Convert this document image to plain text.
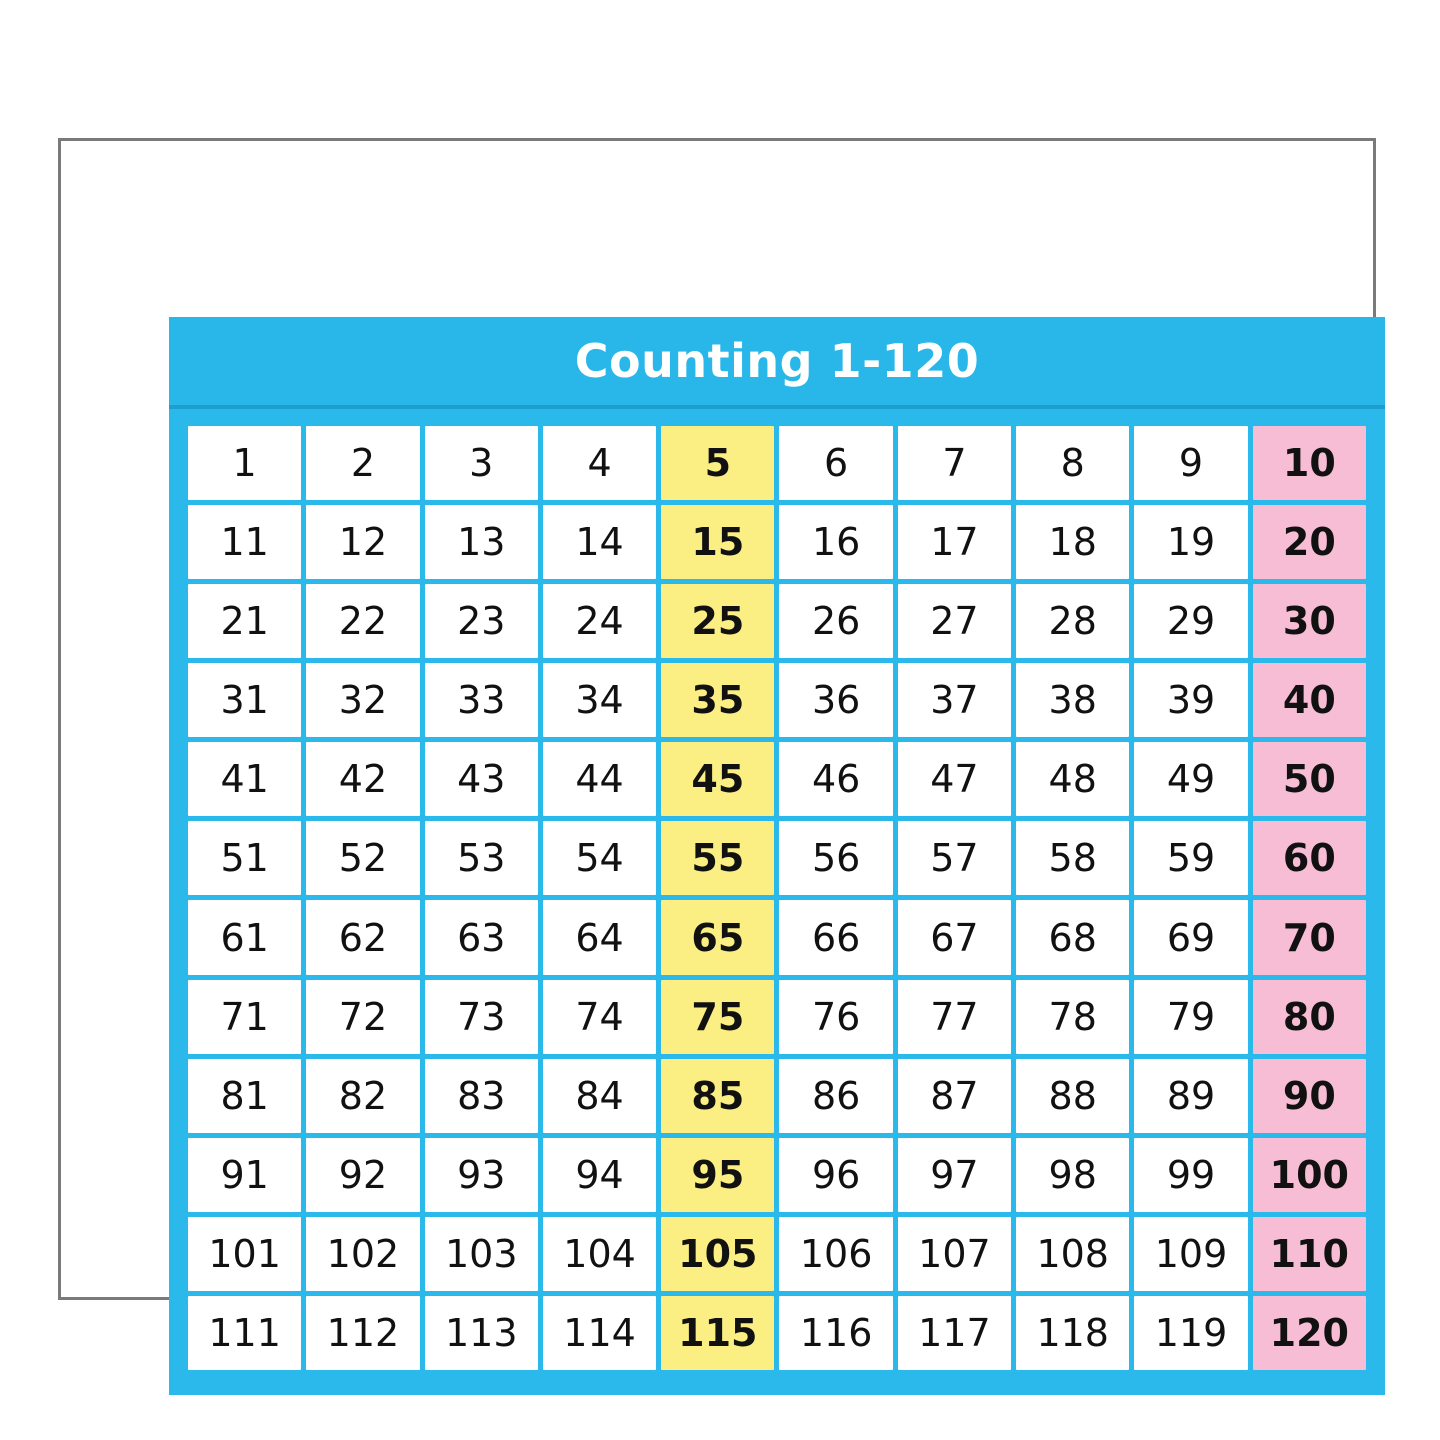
Counting 1-120
1	2	3	4	5	6	7	8	9	10
11	12	13	14	15	16	17	18	19	20
21	22	23	24	25	26	27	28	29	30
31	32	33	34	35	36	37	38	39	40
41	42	43	44	45	46	47	48	49	50
51	52	53	54	55	56	57	58	59	60
61	62	63	64	65	66	67	68	69	70
71	72	73	74	75	76	77	78	79	80
81	82	83	84	85	86	87	88	89	90
91	92	93	94	95	96	97	98	99	100
101	102	103	104	105	106	107	108	109	110
111	112	113	114	115	116	117	118	119	120
